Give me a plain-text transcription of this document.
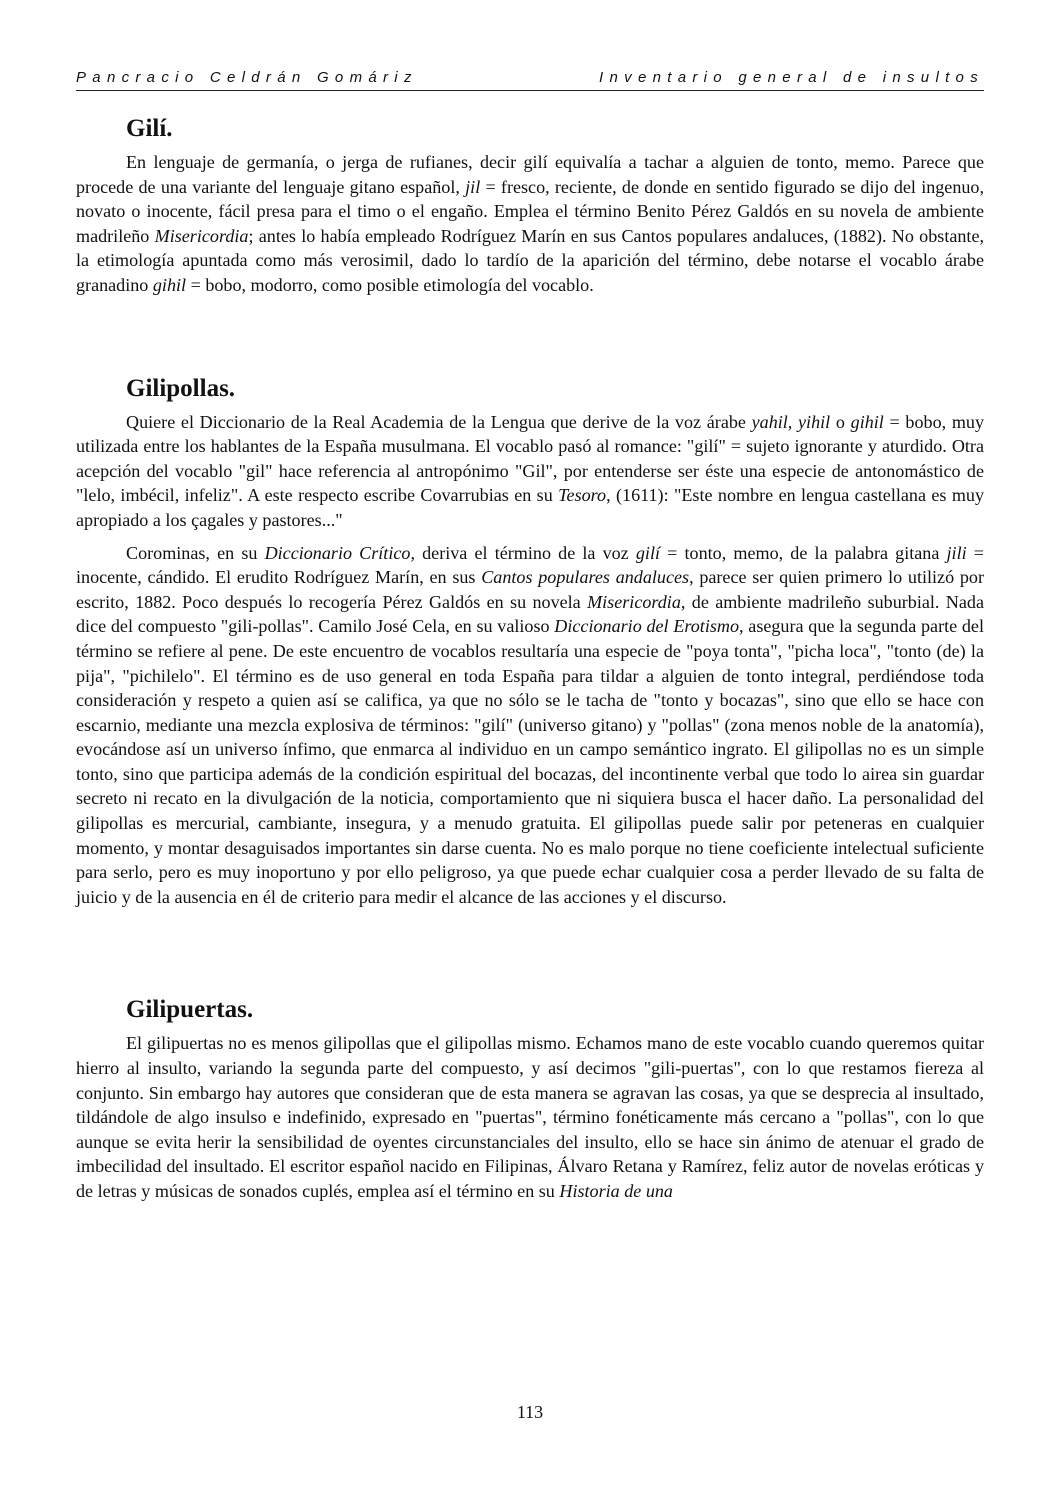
Pancracio Celdrán Gomáriz	Inventario general de insultos
Gilí.

En lenguaje de germanía, o jerga de rufianes, decir gilí equivalía a tachar a alguien de tonto, memo. Parece que procede de una variante del lenguaje gitano español, jil = fresco, reciente, de donde en sentido figurado se dijo del ingenuo, novato o inocente, fácil presa para el timo o el engaño. Emplea el término Benito Pérez Galdós en su novela de ambiente madrileño Misericordia; antes lo había empleado Rodríguez Marín en sus Cantos populares andaluces, (1882). No obstante, la etimología apuntada como más verosimil, dado lo tardío de la aparición del término, debe notarse el vocablo árabe granadino gihil = bobo, modorro, como posible etimología del vocablo.

Gilipollas.

Quiere el Diccionario de la Real Academia de la Lengua que derive de la voz árabe yahil, yihil o gihil = bobo, muy utilizada entre los hablantes de la España musulmana. El vocablo pasó al romance: "gilí" = sujeto ignorante y aturdido. Otra acepción del vocablo "gil" hace referencia al antropónimo "Gil", por entenderse ser éste una especie de antonomástico de "lelo, imbécil, infeliz". A este respecto escribe Covarrubias en su Tesoro, (1611): "Este nombre en lengua castellana es muy apropiado a los çagales y pastores..."

Corominas, en su Diccionario Crítico, deriva el término de la voz gilí = tonto, memo, de la palabra gitana jili = inocente, cándido. El erudito Rodríguez Marín, en sus Cantos populares andaluces, parece ser quien primero lo utilizó por escrito, 1882. Poco después lo recogería Pérez Galdós en su novela Misericordia, de ambiente madrileño suburbial. Nada dice del compuesto "gili-pollas". Camilo José Cela, en su valioso Diccionario del Erotismo, asegura que la segunda parte del término se refiere al pene. De este encuentro de vocablos resultaría una especie de "poya tonta", "picha loca", "tonto (de) la pija", "pichilelo". El término es de uso general en toda España para tildar a alguien de tonto integral, perdiéndose toda consideración y respeto a quien así se califica, ya que no sólo se le tacha de "tonto y bocazas", sino que ello se hace con escarnio, mediante una mezcla explosiva de términos: "gilí" (universo gitano) y "pollas" (zona menos noble de la anatomía), evocándose así un universo ínfimo, que enmarca al individuo en un campo semántico ingrato. El gilipollas no es un simple tonto, sino que participa además de la condición espiritual del bocazas, del incontinente verbal que todo lo airea sin guardar secreto ni recato en la divulgación de la noticia, comportamiento que ni siquiera busca el hacer daño. La personalidad del gilipollas es mercurial, cambiante, insegura, y a menudo gratuita. El gilipollas puede salir por peteneras en cualquier momento, y montar desaguisados importantes sin darse cuenta. No es malo porque no tiene coeficiente intelectual suficiente para serlo, pero es muy inoportuno y por ello peligroso, ya que puede echar cualquier cosa a perder llevado de su falta de juicio y de la ausencia en él de criterio para medir el alcance de las acciones y el discurso.

Gilipuertas.

El gilipuertas no es menos gilipollas que el gilipollas mismo. Echamos mano de este vocablo cuando queremos quitar hierro al insulto, variando la segunda parte del compuesto, y así decimos "gili-puertas", con lo que restamos fiereza al conjunto. Sin embargo hay autores que consideran que de esta manera se agravan las cosas, ya que se desprecia al insultado, tildándole de algo insulso e indefinido, expresado en "puertas", término fonéticamente más cercano a "pollas", con lo que aunque se evita herir la sensibilidad de oyentes circunstanciales del insulto, ello se hace sin ánimo de atenuar el grado de imbecilidad del insultado. El escritor español nacido en Filipinas, Álvaro Retana y Ramírez, feliz autor de novelas eróticas y de letras y músicas de sonados cuplés, emplea así el término en su Historia de una

113
